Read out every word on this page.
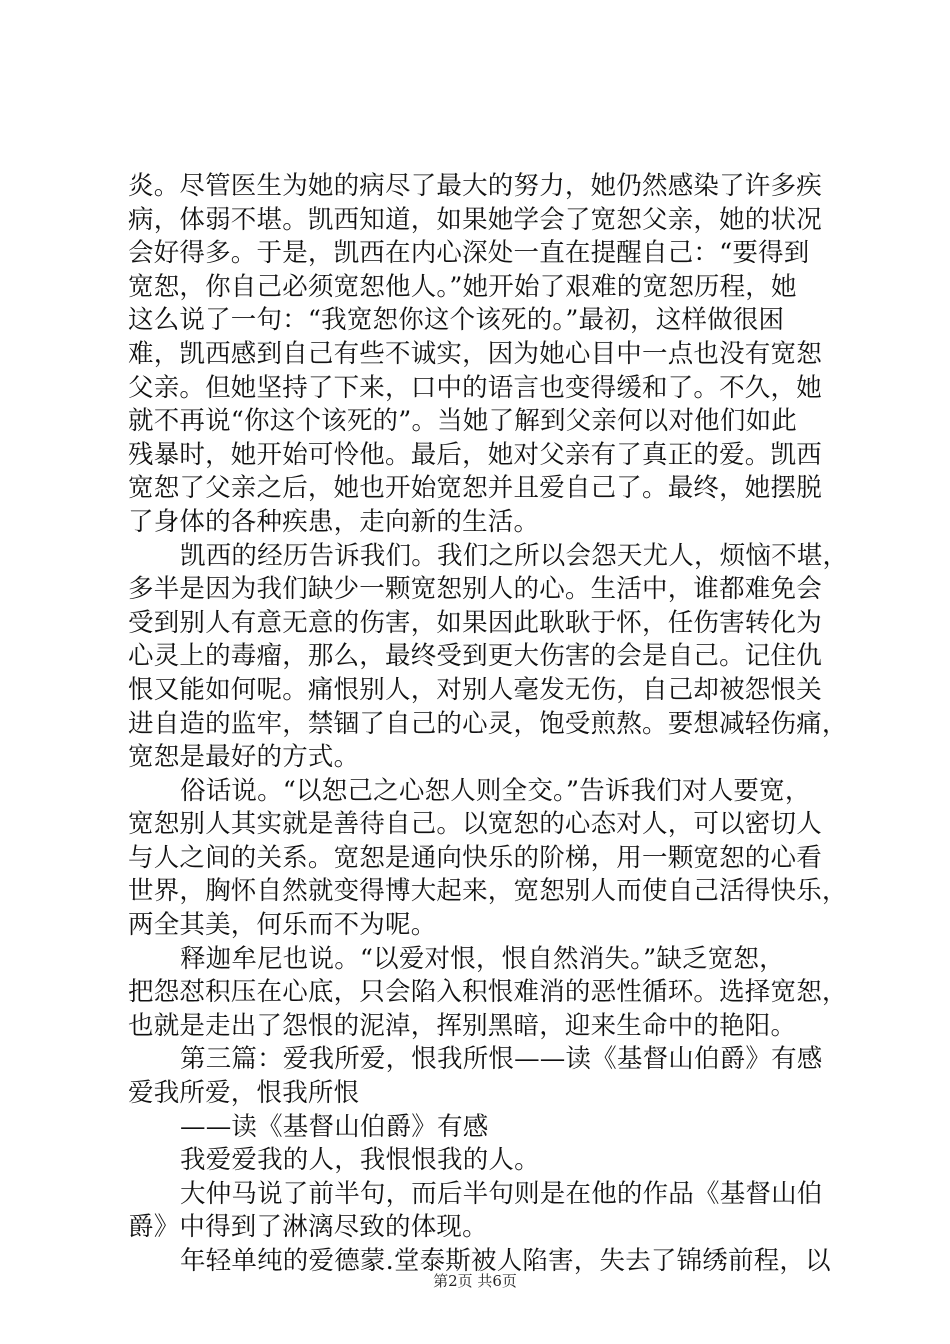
炎。尽管医生为她的病尽了最大的努力，她仍然感染了许多疾
病，体弱不堪。凯西知道，如果她学会了宽恕父亲，她的状况
会好得多。于是，凯西在内心深处一直在提醒自己：“要得到
宽恕，你自己必须宽恕他人。”她开始了艰难的宽恕历程，她
这么说了一句：“我宽恕你这个该死的。”最初，这样做很困
难，凯西感到自己有些不诚实，因为她心目中一点也没有宽恕
父亲。但她坚持了下来，口中的语言也变得缓和了。不久，她
就不再说“你这个该死的”。当她了解到父亲何以对他们如此
残暴时，她开始可怜他。最后，她对父亲有了真正的爱。凯西
宽恕了父亲之后，她也开始宽恕并且爱自己了。最终，她摆脱
了身体的各种疾患，走向新的生活。
凯西的经历告诉我们。我们之所以会怨天尤人，烦恼不堪，
多半是因为我们缺少一颗宽恕别人的心。生活中，谁都难免会
受到别人有意无意的伤害，如果因此耿耿于怀，任伤害转化为
心灵上的毒瘤，那么，最终受到更大伤害的会是自己。记住仇
恨又能如何呢。痛恨别人，对别人毫发无伤，自己却被怨恨关
进自造的监牢，禁锢了自己的心灵，饱受煎熬。要想减轻伤痛，
宽恕是最好的方式。
俗话说。“以恕己之心恕人则全交。”告诉我们对人要宽，
宽恕别人其实就是善待自己。以宽恕的心态对人，可以密切人
与人之间的关系。宽恕是通向快乐的阶梯，用一颗宽恕的心看
世界，胸怀自然就变得博大起来，宽恕别人而使自己活得快乐，
两全其美，何乐而不为呢。
释迦牟尼也说。“以爱对恨，恨自然消失。”缺乏宽恕，
把怨怼积压在心底，只会陷入积恨难消的恶性循环。选择宽恕，
也就是走出了怨恨的泥淖，挥别黑暗，迎来生命中的艳阳。
第三篇：爱我所爱，恨我所恨——读《基督山伯爵》有感
爱我所爱，恨我所恨
——读《基督山伯爵》有感
我爱爱我的人，我恨恨我的人。
大仲马说了前半句，而后半句则是在他的作品《基督山伯
爵》中得到了淋漓尽致的体现。
年轻单纯的爱德蒙.堂泰斯被人陷害，失去了锦绣前程，以
第2页 共6页
